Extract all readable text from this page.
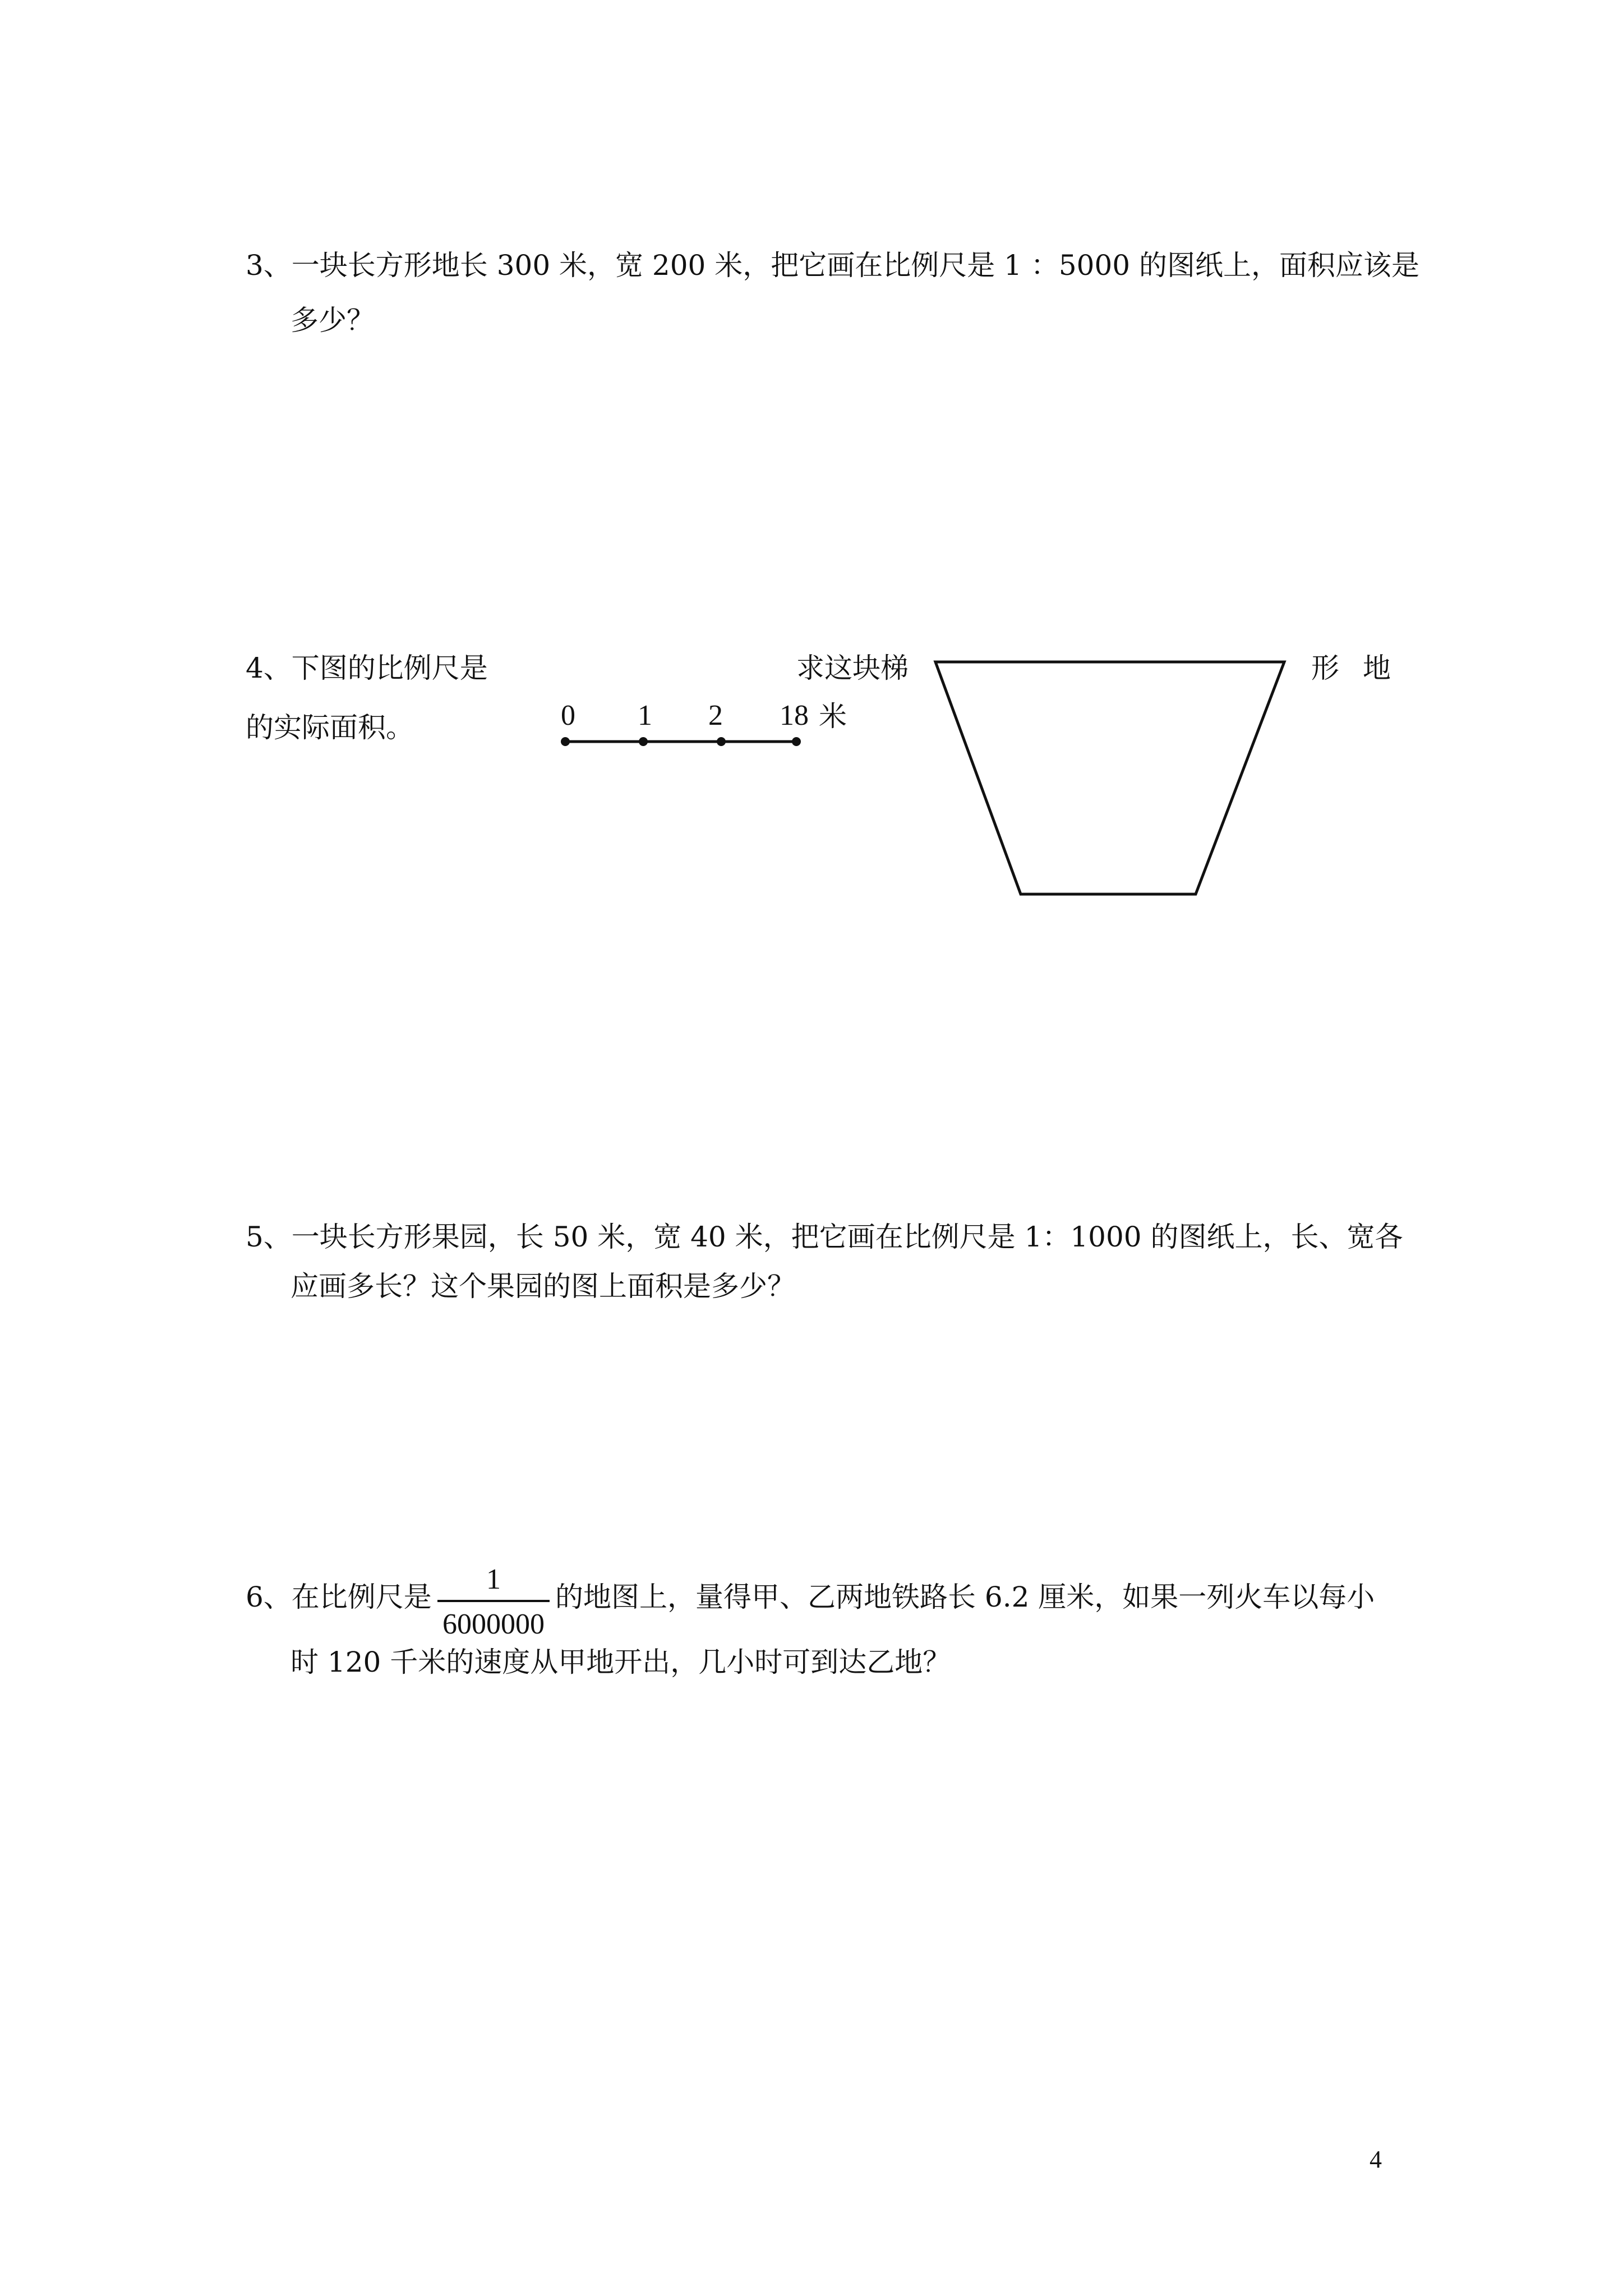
3、一块长方形地长 300 米，宽 200 米，把它画在比例尺是 1 ：5000 的图纸上，面积应该是
多少？
4、下图的比例尺是
的实际面积。
求这块梯	形 地
0 1 2 18 米
5、一块长方形果园，长 50 米，宽 40 米，把它画在比例尺是 1：1000 的图纸上，长、宽各
应画多长？这个果园的图上面积是多少？
6、在比例尺是
1
6000000
的地图上，量得甲、乙两地铁路长 6.2 厘米，如果一列火车以每小
时 120 千米的速度从甲地开出，几小时可到达乙地？
4
